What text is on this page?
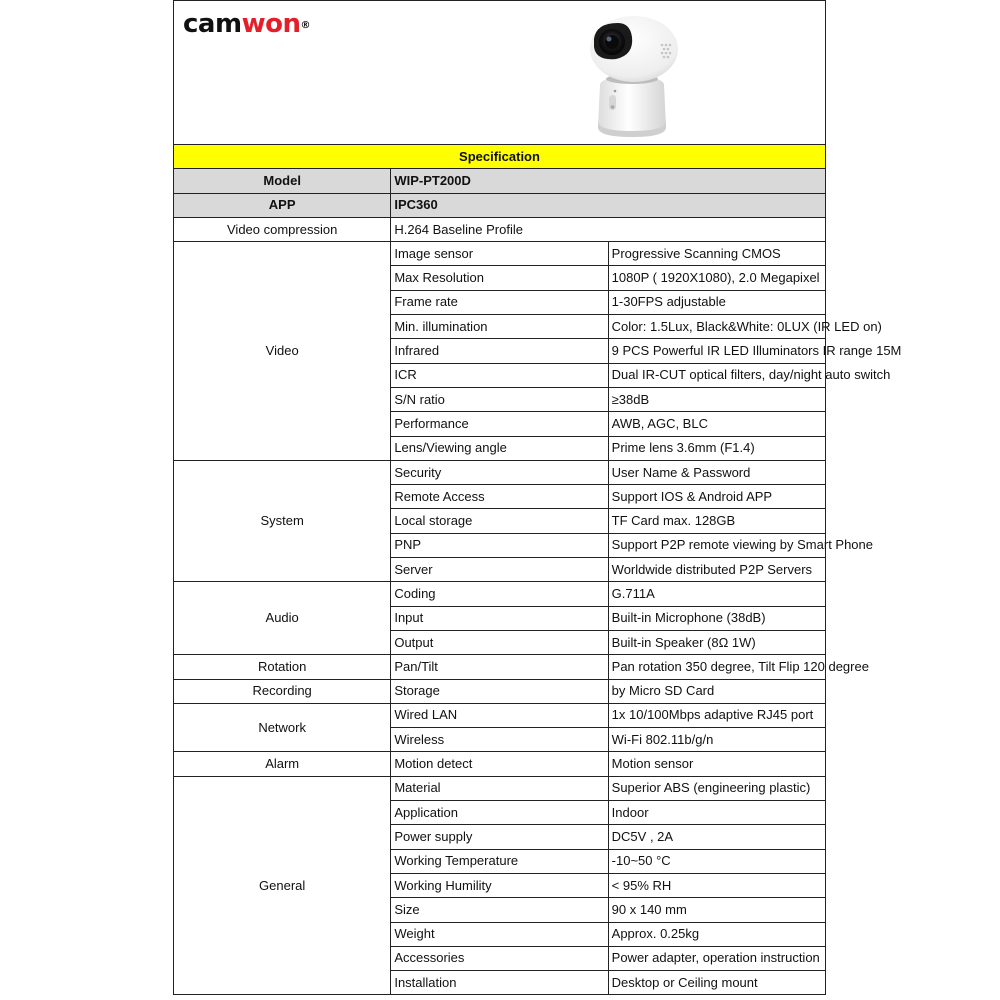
camwon®
Specification		
Model	WIP-PT200D	
APP	IPC360	
Video compression	H.264 Baseline Profile	
Video	Image sensor	Progressive Scanning CMOS
	Max Resolution	1080P ( 1920X1080), 2.0 Megapixel
	Frame rate	1-30FPS adjustable
	Min. illumination	Color: 1.5Lux, Black&White: 0LUX (IR LED on)
	Infrared	9 PCS Powerful IR LED Illuminators IR range 15M
	ICR	Dual IR-CUT optical filters, day/night auto switch
	S/N ratio	≥38dB
	Performance	AWB, AGC, BLC
	Lens/Viewing angle	Prime lens 3.6mm (F1.4)
System	Security	User Name & Password
	Remote Access	Support IOS & Android APP
	Local storage	TF Card max. 128GB
	PNP	Support P2P remote viewing by Smart Phone
	Server	Worldwide distributed P2P Servers
Audio	Coding	G.711A
	Input	Built-in Microphone (38dB)
	Output	Built-in Speaker (8Ω 1W)
Rotation	Pan/Tilt	Pan rotation 350 degree, Tilt Flip 120 degree
Recording	Storage	by Micro SD Card
Network	Wired LAN	1x 10/100Mbps adaptive RJ45 port
	Wireless	Wi-Fi 802.11b/g/n
Alarm	Motion detect	Motion sensor
General	Material	Superior ABS (engineering plastic)
	Application	Indoor
	Power supply	DC5V , 2A
	Working Temperature	-10~50 °C
	Working Humility	< 95% RH
	Size	90 x 140 mm
	Weight	Approx. 0.25kg
	Accessories	Power adapter, operation instruction
	Installation	Desktop or Ceiling mount
